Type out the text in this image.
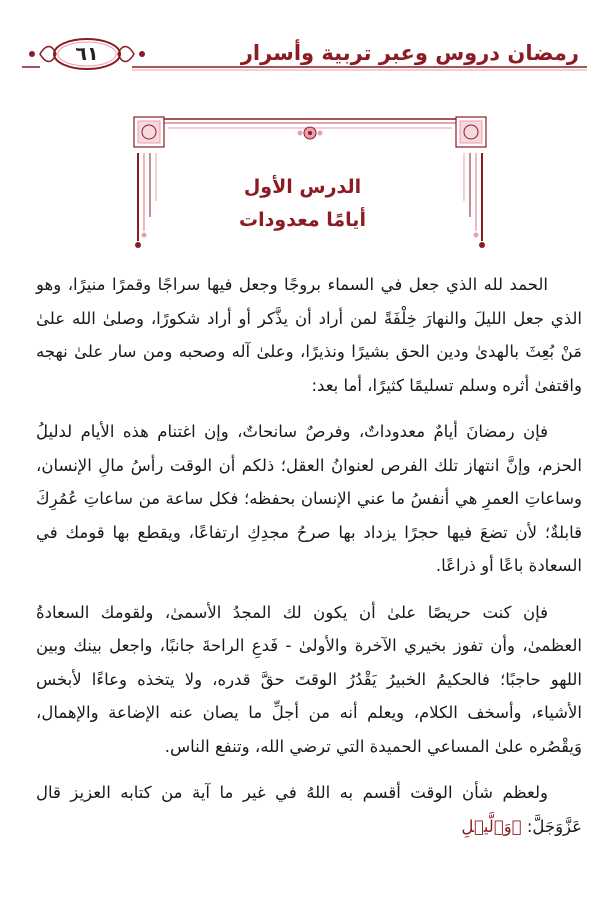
٦١	رمضان دروس وعبر تربية وأسرار
الدرس الأول
أيامًا معدودات

الحمد لله الذي جعل في السماء بروجًا وجعل فيها سراجًا وقمرًا منيرًا، وهو الذي جعل الليلَ والنهارَ خِلْفَةً لمن أراد أن يذَّكر أو أراد شكورًا، وصلىٰ الله علىٰ مَنْ بُعِثَ بالهدىٰ ودين الحق بشيرًا ونذيرًا، وعلىٰ آله وصحبه ومن سار علىٰ نهجه واقتفىٰ أثره وسلم تسليمًا كثيرًا، أما بعد:

فإن رمضانَ أيامٌ معدوداتٌ، وفرصٌ سانحاتٌ، وإن اغتنام هذه الأيام لدليلُ الحزم، وإنَّ انتهاز تلك الفرص لعنوانُ العقل؛ ذلكم أن الوقت رأسُ مالِ الإنسان، وساعاتِ العمرِ هي أنفسُ ما عني الإنسان بحفظه؛ فكل ساعة من ساعاتِ عُمُرِكَ قابلةٌ؛ لأن تضعَ فيها حجرًا يزداد بها صرحُ مجدِكِ ارتفاعًا، ويقطع بها قومك في السعادة باعًا أو ذراعًا.

فإن كنت حريصًا علىٰ أن يكون لك المجدُ الأسمىٰ، ولقومك السعادةُ العظمىٰ، وأن تفوز بخيري الآخرة والأولىٰ - فَدعِ الراحةَ جانبًا، واجعل بينك وبين اللهو حاجبًا؛ فالحكيمُ الخبيرُ يَقْدُرُ الوقتَ حقَّ قدره، ولا يتخذه وعاءًا لأبخس الأشياء، وأسخف الكلام، ويعلم أنه من أجلِّ ما يصان عنه الإضاعة والإهمال، وَيقْصُره علىٰ المساعي الحميدة التي ترضي الله، وتنفع الناس.

ولعظم شأن الوقت أقسم به اللهُ في غير ما آية من كتابه العزيز قال عَزَّوَجَلَّ: ﴿وَٱلَّيۡلِ
